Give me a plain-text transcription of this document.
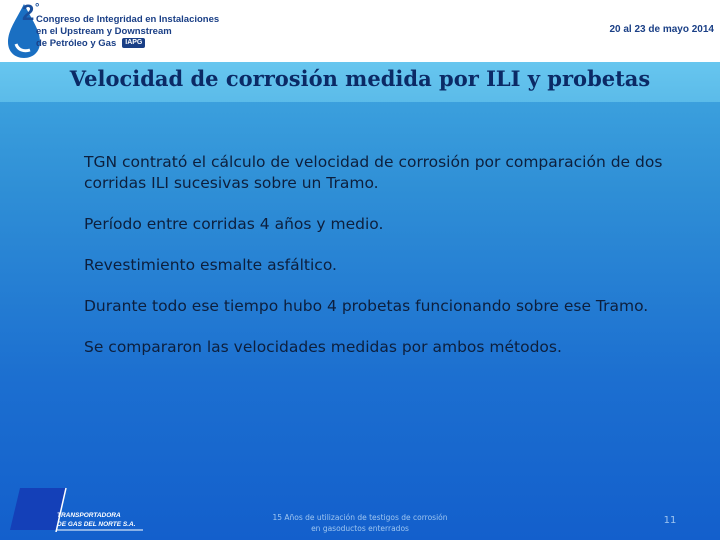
2 °
Congreso de Integridad en Instalaciones
en el Upstream y Downstream
de Petróleo y Gas IAPG
20 al 23 de mayo 2014
Velocidad de corrosión medida por ILI y probetas
TGN contrató el cálculo de velocidad de corrosión por comparación de dos corridas ILI sucesivas sobre un Tramo.
Período entre corridas 4 años y medio.
Revestimiento esmalte asfáltico.
Durante todo ese tiempo hubo 4 probetas funcionando sobre ese Tramo.
Se compararon las velocidades medidas por ambos métodos.
TRANSPORTADORA
DE GAS DEL NORTE S.A.
15 Años de utilización de testigos de corrosión
en gasoductos enterrados
11
